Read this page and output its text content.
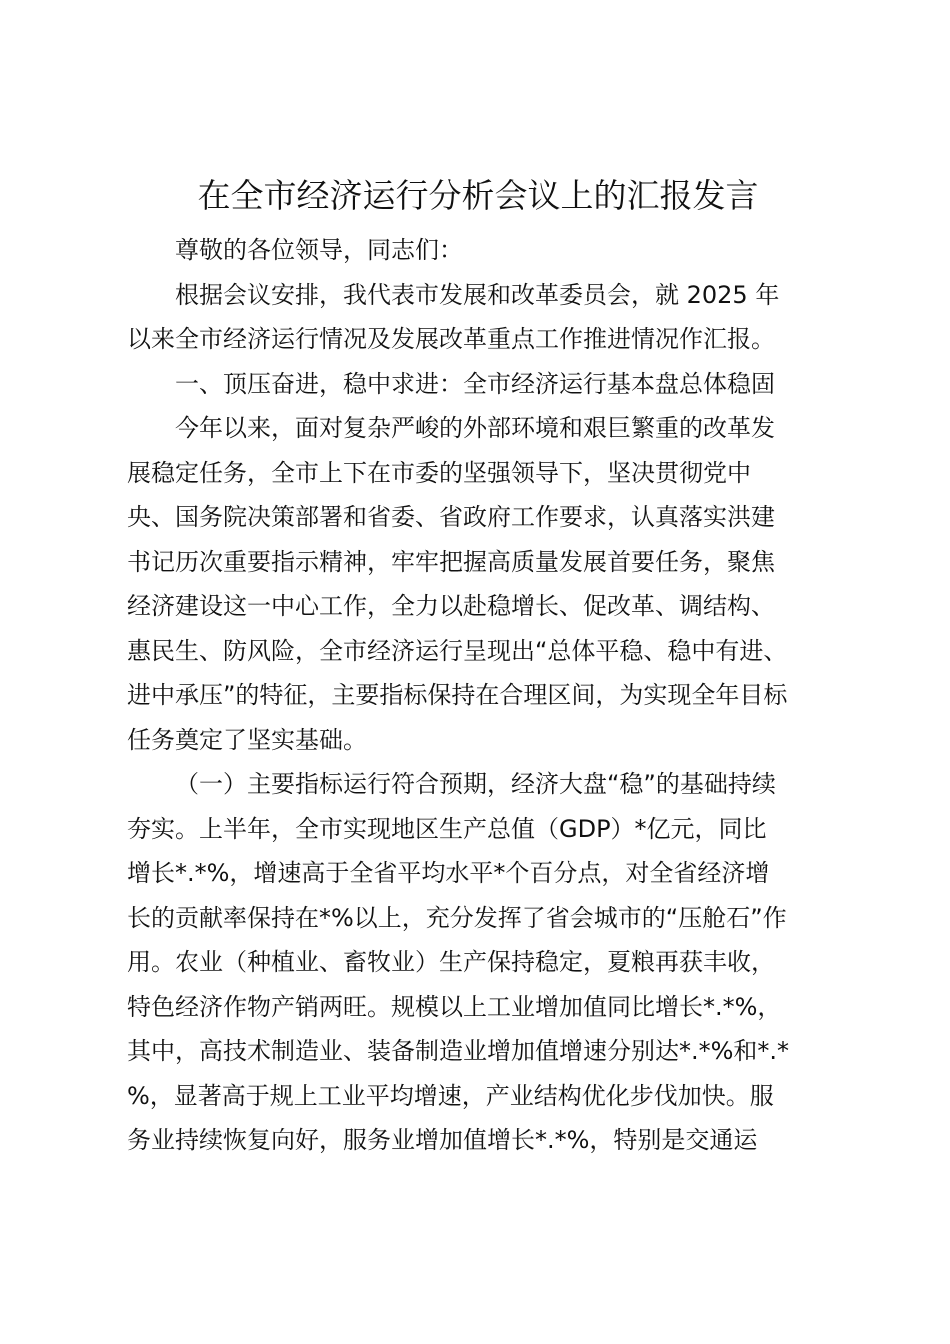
在全市经济运行分析会议上的汇报发言
尊敬的各位领导，同志们：
根据会议安排，我代表市发展和改革委员会，就 2025 年
以来全市经济运行情况及发展改革重点工作推进情况作汇报。
一、顶压奋进，稳中求进：全市经济运行基本盘总体稳固
今年以来，面对复杂严峻的外部环境和艰巨繁重的改革发
展稳定任务，全市上下在市委的坚强领导下，坚决贯彻党中
央、国务院决策部署和省委、省政府工作要求，认真落实洪建
书记历次重要指示精神，牢牢把握高质量发展首要任务，聚焦
经济建设这一中心工作，全力以赴稳增长、促改革、调结构、
惠民生、防风险，全市经济运行呈现出“总体平稳、稳中有进、
进中承压”的特征，主要指标保持在合理区间，为实现全年目标
任务奠定了坚实基础。
（一）主要指标运行符合预期，经济大盘“稳”的基础持续
夯实。上半年，全市实现地区生产总值（GDP）*亿元，同比
增长*.*%，增速高于全省平均水平*个百分点，对全省经济增
长的贡献率保持在*%以上，充分发挥了省会城市的“压舱石”作
用。农业（种植业、畜牧业）生产保持稳定，夏粮再获丰收，
特色经济作物产销两旺。规模以上工业增加值同比增长*.*%，
其中，高技术制造业、装备制造业增加值增速分别达*.*%和*.*
%，显著高于规上工业平均增速，产业结构优化步伐加快。服
务业持续恢复向好，服务业增加值增长*.*%，特别是交通运
